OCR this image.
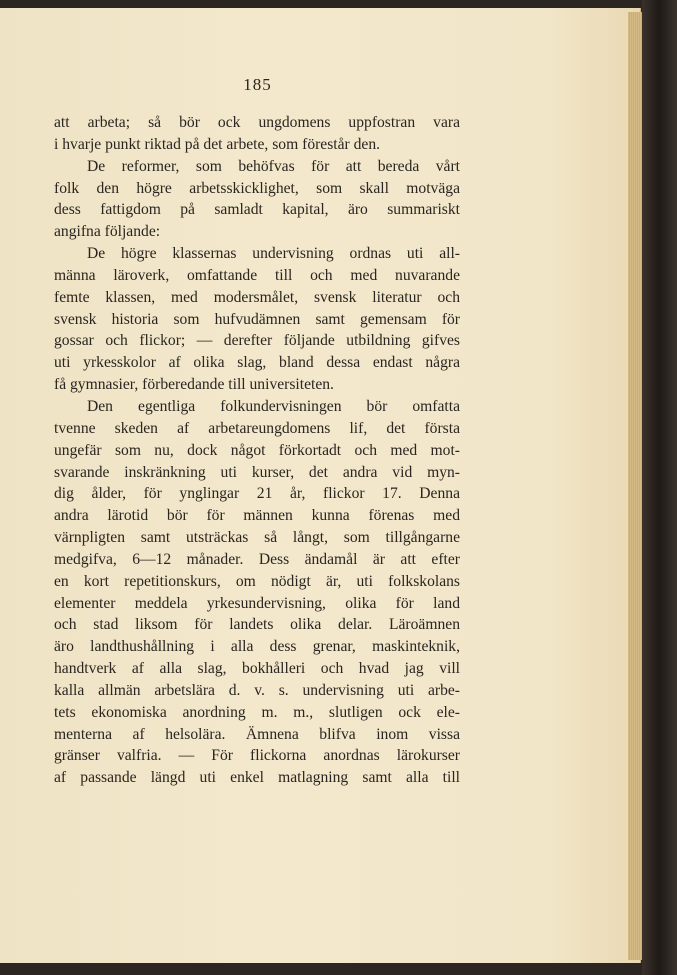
185
att arbeta; så bör ock ungdomens uppfostran vara
i hvarje punkt riktad på det arbete, som förestår den.
De reformer, som behöfvas för att bereda vårt
folk den högre arbetsskicklighet, som skall motväga
dess fattigdom på samladt kapital, äro summariskt
angifna följande:
De högre klassernas undervisning ordnas uti all-
männa läroverk, omfattande till och med nuvarande
femte klassen, med modersmålet, svensk literatur och
svensk historia som hufvudämnen samt gemensam för
gossar och flickor; — derefter följande utbildning gifves
uti yrkesskolor af olika slag, bland dessa endast några
få gymnasier, förberedande till universiteten.
Den egentliga folkundervisningen bör omfatta
tvenne skeden af arbetareungdomens lif, det första
ungefär som nu, dock något förkortadt och med mot-
svarande inskränkning uti kurser, det andra vid myn-
dig ålder, för ynglingar 21 år, flickor 17. Denna
andra lärotid bör för männen kunna förenas med
värnpligten samt utsträckas så långt, som tillgångarne
medgifva, 6—12 månader. Dess ändamål är att efter
en kort repetitionskurs, om nödigt är, uti folkskolans
elementer meddela yrkesundervisning, olika för land
och stad liksom för landets olika delar. Läroämnen
äro landthushållning i alla dess grenar, maskinteknik,
handtverk af alla slag, bokhålleri och hvad jag vill
kalla allmän arbetslära d. v. s. undervisning uti arbe-
tets ekonomiska anordning m. m., slutligen ock ele-
menterna af helsolära. Ämnena blifva inom vissa
gränser valfria. — För flickorna anordnas lärokurser
af passande längd uti enkel matlagning samt alla till
